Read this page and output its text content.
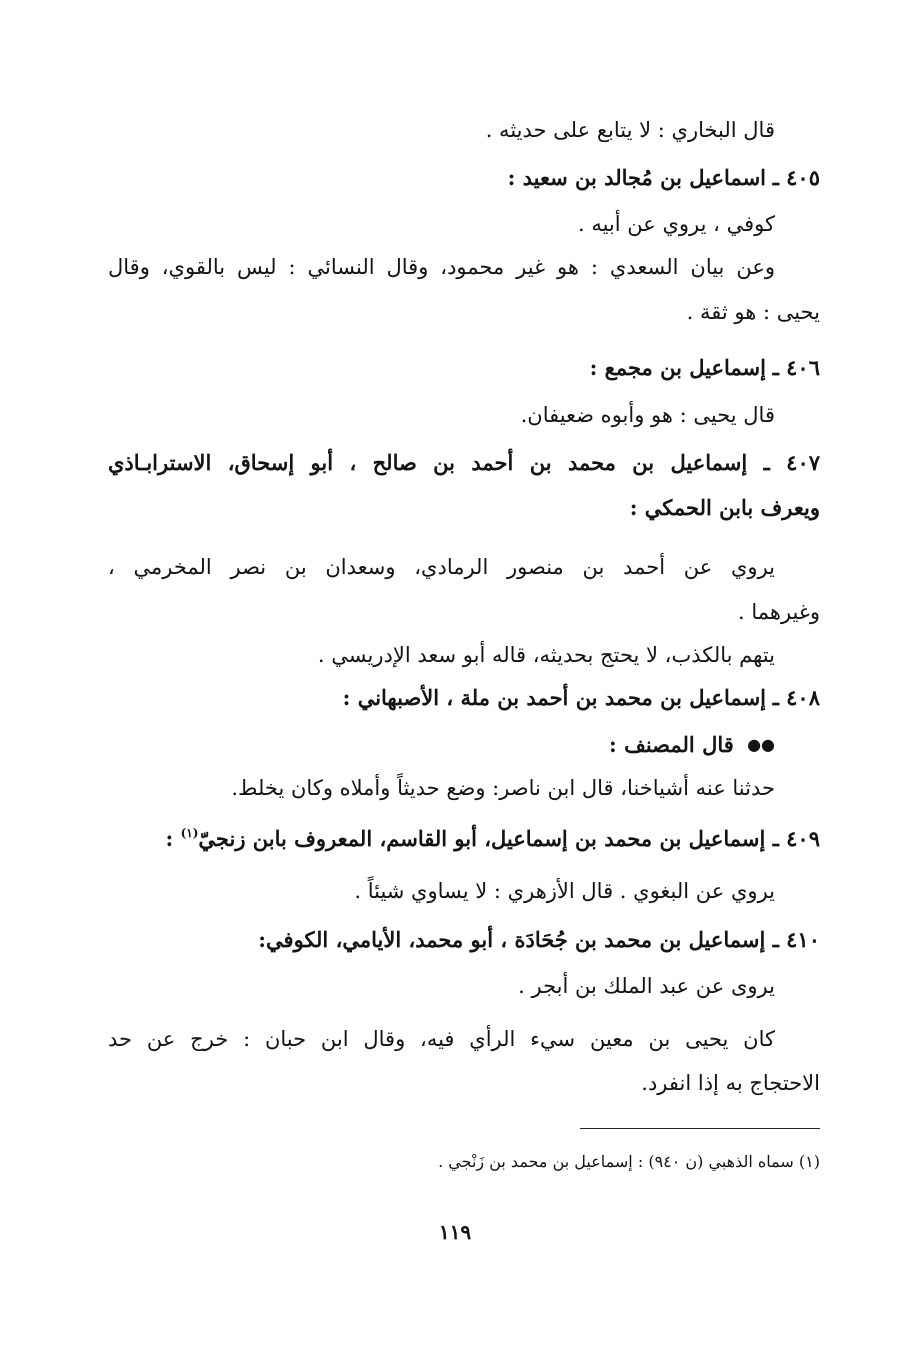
قال البخاري : لا يتابع على حديثه .
٤٠٥ ـ اسماعيل بن مُجالد بن سعيد :
كوفي ، يروي عن أبيه .
وعن بيان السعدي : هو غير محمود، وقال النسائي : ليس بالقوي، وقال
يحيى : هو ثقة .
٤٠٦ ـ إسماعيل بن مجمع :
قال يحيى : هو وأبوه ضعيفان.
٤٠٧ ـ إسماعيل بن محمد بن أحمد بن صالح ، أبو إسحاق، الاسترابـاذي
ويعرف بابن الحمكي :
يروي عن أحمد بن منصور الرمادي، وسعدان بن نصر المخرمي ،
وغيرهما .
يتهم بالكذب، لا يحتج بحديثه، قاله أبو سعد الإدريسي .
٤٠٨ ـ إسماعيل بن محمد بن أحمد بن ملة ، الأصبهاني :
●● قال المصنف :
حدثنا عنه أشياخنا، قال ابن ناصر: وضع حديثاً وأملاه وكان يخلط.
٤٠٩ ـ إسماعيل بن محمد بن إسماعيل، أبو القاسم، المعروف بابن زنجيّ$^{(١)}$ :
يروي عن البغوي . قال الأزهري : لا يساوي شيئاً .
٤١٠ ـ إسماعيل بن محمد بن جُحَادَة ، أبو محمد، الأيامي، الكوفي:
يروى عن عبد الملك بن أبجر .
كان يحيى بن معين سيء الرأي فيه، وقال ابن حبان : خرج عن حد
الاحتجاج به إذا انفرد.
(١) سماه الذهبي (ن ٩٤٠) : إسماعيل بن محمد بن زَنْجي .
١١٩
